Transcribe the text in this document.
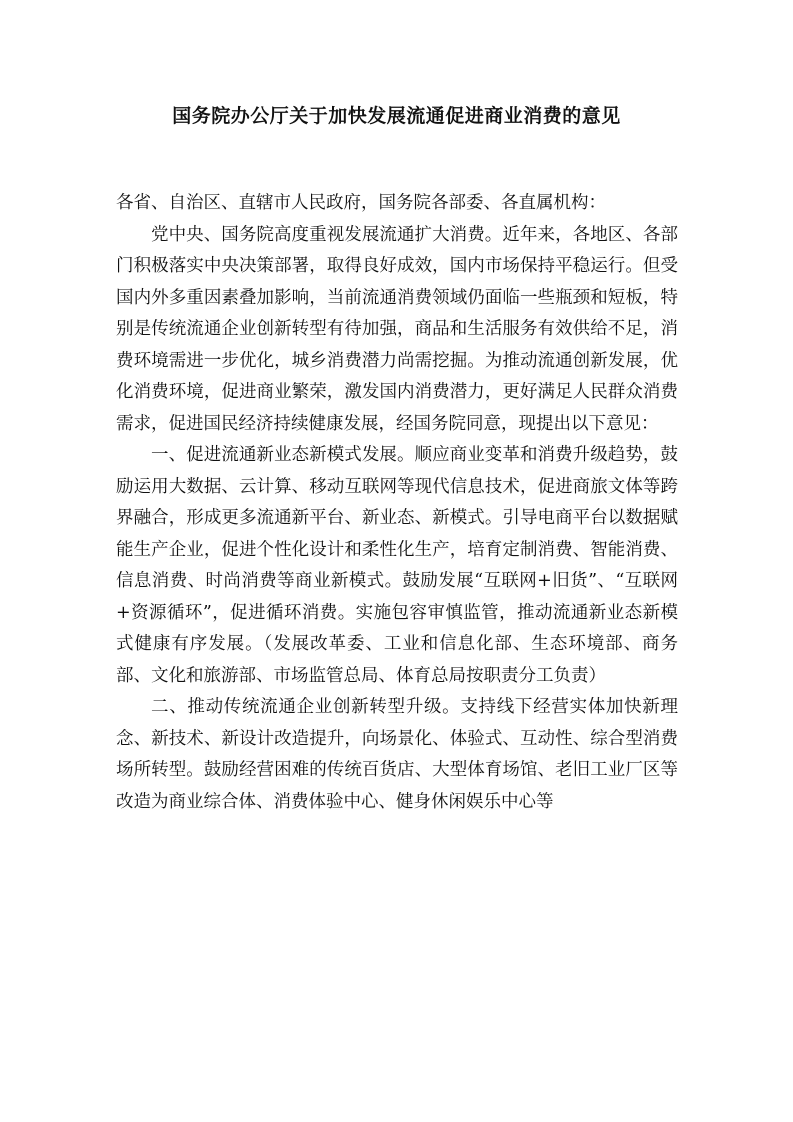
国务院办公厅关于加快发展流通促进商业消费的意见

各省、自治区、直辖市人民政府，国务院各部委、各直属机构：

党中央、国务院高度重视发展流通扩大消费。近年来，各地区、各部门积极落实中央决策部署，取得良好成效，国内市场保持平稳运行。但受国内外多重因素叠加影响，当前流通消费领域仍面临一些瓶颈和短板，特别是传统流通企业创新转型有待加强，商品和生活服务有效供给不足，消费环境需进一步优化，城乡消费潜力尚需挖掘。为推动流通创新发展，优化消费环境，促进商业繁荣，激发国内消费潜力，更好满足人民群众消费需求，促进国民经济持续健康发展，经国务院同意，现提出以下意见：

一、促进流通新业态新模式发展。顺应商业变革和消费升级趋势，鼓励运用大数据、云计算、移动互联网等现代信息技术，促进商旅文体等跨界融合，形成更多流通新平台、新业态、新模式。引导电商平台以数据赋能生产企业，促进个性化设计和柔性化生产，培育定制消费、智能消费、信息消费、时尚消费等商业新模式。鼓励发展“互联网+旧货”、“互联网+资源循环”，促进循环消费。实施包容审慎监管，推动流通新业态新模式健康有序发展。（发展改革委、工业和信息化部、生态环境部、商务部、文化和旅游部、市场监管总局、体育总局按职责分工负责）

二、推动传统流通企业创新转型升级。支持线下经营实体加快新理念、新技术、新设计改造提升，向场景化、体验式、互动性、综合型消费场所转型。鼓励经营困难的传统百货店、大型体育场馆、老旧工业厂区等改造为商业综合体、消费体验中心、健身休闲娱乐中心等
